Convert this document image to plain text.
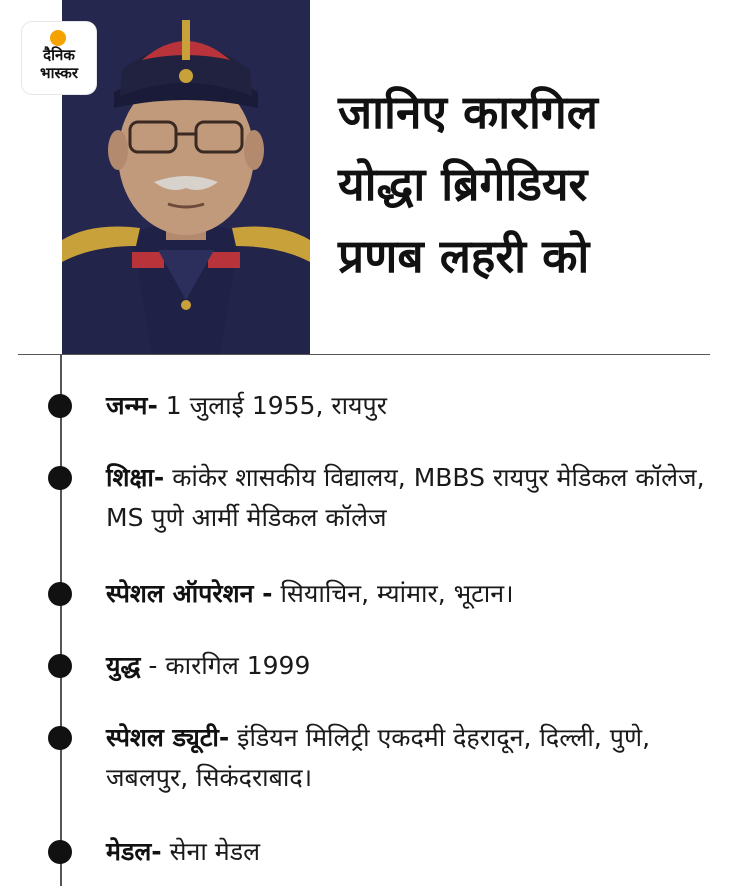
दैनिक
भास्कर
जानिए कारगिल
योद्धा ब्रिगेडियर
प्रणब लहरी को
जन्म- 1 जुलाई 1955, रायपुर
शिक्षा- कांकेर शासकीय विद्यालय, MBBS रायपुर मेडिकल कॉलेज, MS पुणे आर्मी मेडिकल कॉलेज
स्पेशल ऑपरेशन - सियाचिन, म्यांमार, भूटान।
युद्ध - कारगिल 1999
स्पेशल ड्यूटी- इंडियन मिलिट्री एकदमी देहरादून, दिल्ली, पुणे, जबलपुर, सिकंदराबाद।
मेडल- सेना मेडल
